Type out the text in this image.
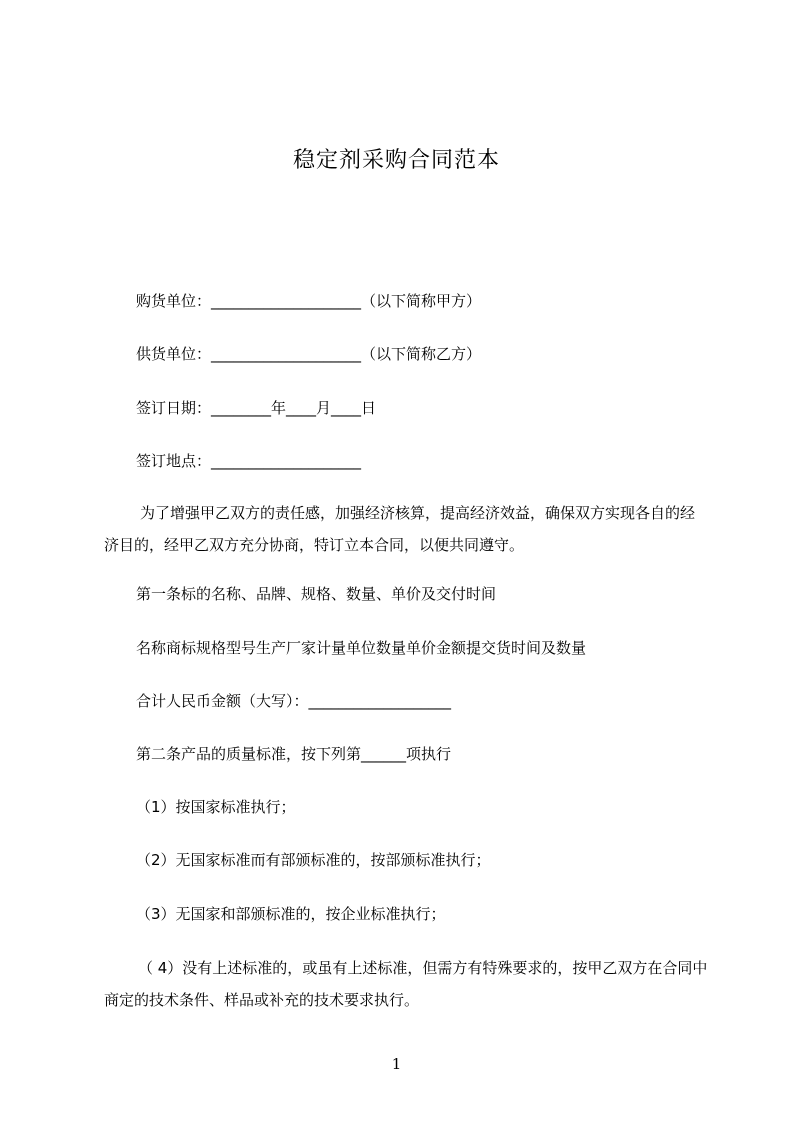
稳定剂采购合同范本
购货单位：____________________（以下简称甲方）
供货单位：____________________（以下简称乙方）
签订日期：________年____月____日
签订地点：____________________
为了增强甲乙双方的责任感，加强经济核算，提高经济效益，确保双方实现各自的经济目的，经甲乙双方充分协商，特订立本合同，以便共同遵守。
第一条标的名称、品牌、规格、数量、单价及交付时间
名称商标规格型号生产厂家计量单位数量单价金额提交货时间及数量
合计人民币金额（大写）：___________________
第二条产品的质量标准，按下列第______项执行
（1）按国家标准执行；
（2）无国家标准而有部颁标准的，按部颁标准执行；
（3）无国家和部颁标准的，按企业标准执行；
（ 4）没有上述标准的，或虽有上述标准，但需方有特殊要求的，按甲乙双方在合同中商定的技术条件、样品或补充的技术要求执行。
1
